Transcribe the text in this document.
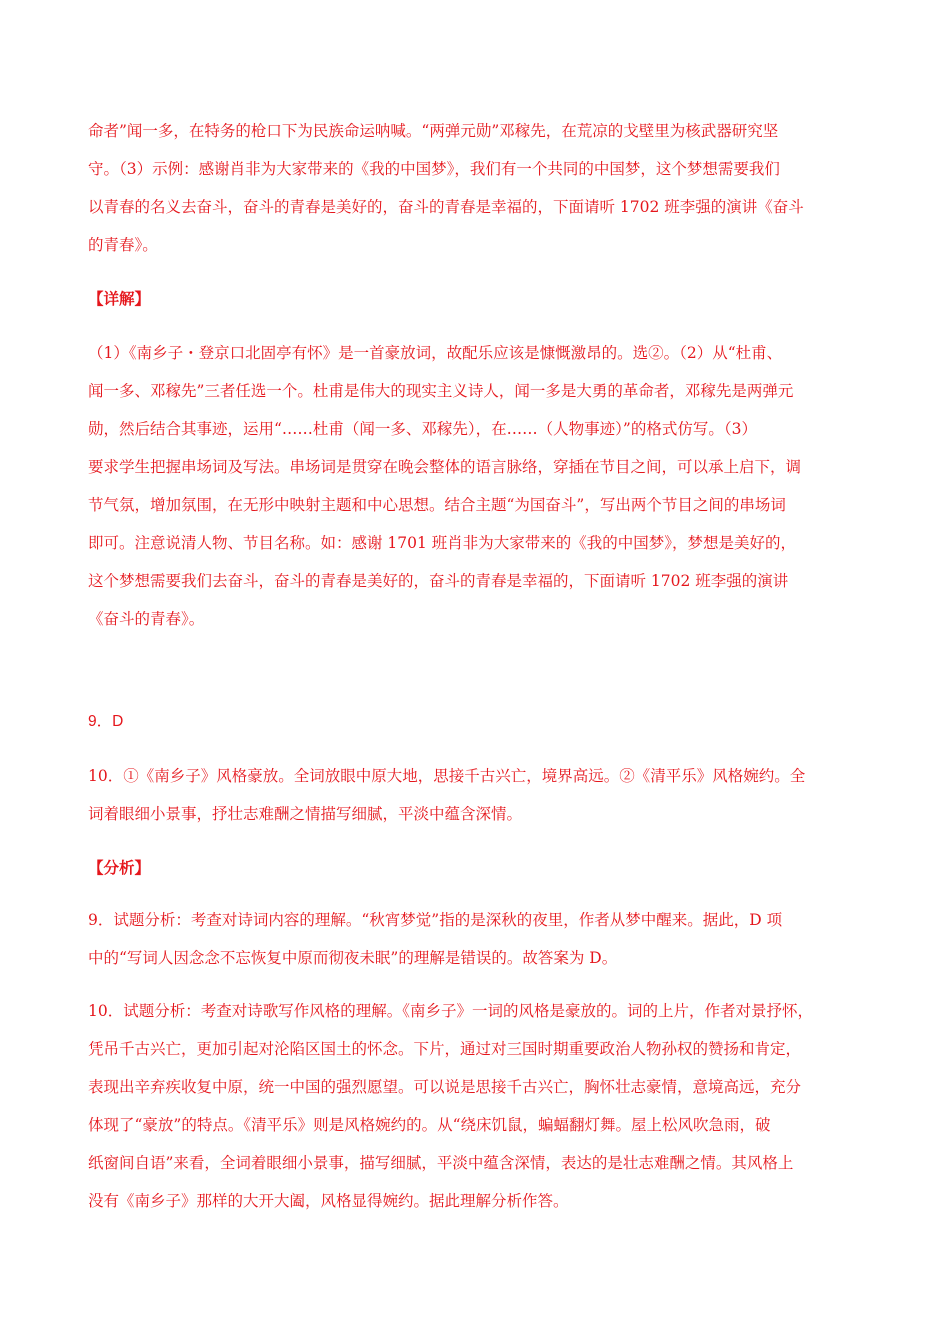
命者”闻一多，在特务的枪口下为民族命运呐喊。“两弹元勋”邓稼先，在荒凉的戈壁里为核武器研究坚
守。（3）示例：感谢肖非为大家带来的《我的中国梦》，我们有一个共同的中国梦，这个梦想需要我们
以青春的名义去奋斗，奋斗的青春是美好的，奋斗的青春是幸福的，下面请听 1702 班李强的演讲《奋斗
的青春》。
【详解】
（1）《南乡子・登京口北固亭有怀》是一首豪放词，故配乐应该是慷慨激昂的。选②。（2）从“杜甫、
闻一多、邓稼先”三者任选一个。杜甫是伟大的现实主义诗人，闻一多是大勇的革命者，邓稼先是两弹元
勋，然后结合其事迹，运用“……杜甫（闻一多、邓稼先），在……（人物事迹）”的格式仿写。（3）
要求学生把握串场词及写法。串场词是贯穿在晚会整体的语言脉络，穿插在节目之间，可以承上启下，调
节气氛，增加氛围，在无形中映射主题和中心思想。结合主题“为国奋斗”，写出两个节目之间的串场词
即可。注意说清人物、节目名称。如：感谢 1701 班肖非为大家带来的《我的中国梦》，梦想是美好的，
这个梦想需要我们去奋斗，奋斗的青春是美好的，奋斗的青春是幸福的，下面请听 1702 班李强的演讲
《奋斗的青春》。
9．D
10．①《南乡子》风格豪放。全词放眼中原大地，思接千古兴亡，境界高远。②《清平乐》风格婉约。全
词着眼细小景事，抒壮志难酬之情描写细腻，平淡中蕴含深情。
【分析】
9．试题分析：考查对诗词内容的理解。“秋宵梦觉”指的是深秋的夜里，作者从梦中醒来。据此，D 项
中的“写词人因念念不忘恢复中原而彻夜未眠”的理解是错误的。故答案为 D。
10．试题分析：考查对诗歌写作风格的理解。《南乡子》一词的风格是豪放的。词的上片，作者对景抒怀，
凭吊千古兴亡，更加引起对沦陷区国土的怀念。下片，通过对三国时期重要政治人物孙权的赞扬和肯定，
表现出辛弃疾收复中原，统一中国的强烈愿望。可以说是思接千古兴亡，胸怀壮志豪情，意境高远，充分
体现了“豪放”的特点。《清平乐》则是风格婉约的。从“绕床饥鼠，蝙蝠翻灯舞。屋上松风吹急雨，破
纸窗间自语”来看，全词着眼细小景事，描写细腻，平淡中蕴含深情，表达的是壮志难酬之情。其风格上
没有《南乡子》那样的大开大阖，风格显得婉约。据此理解分析作答。
